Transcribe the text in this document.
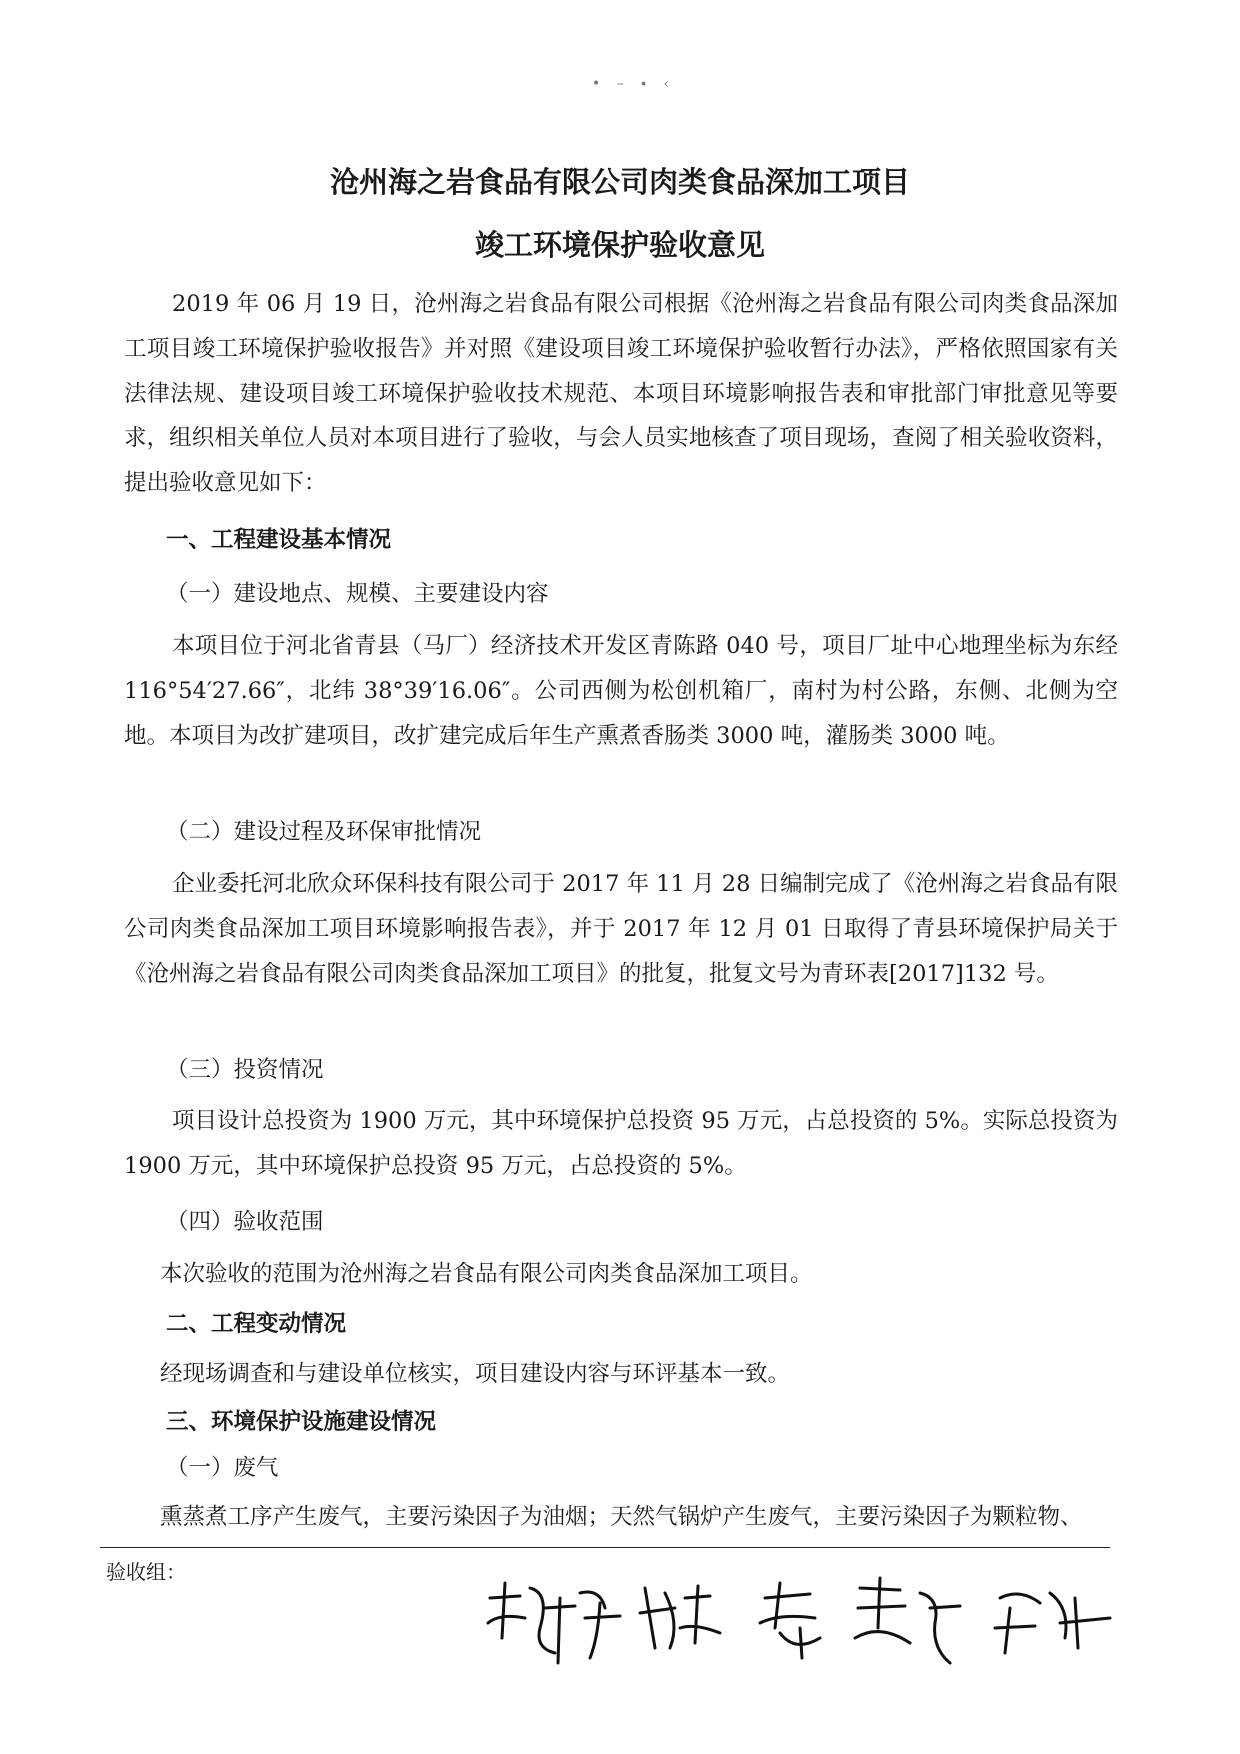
• – ∙ ‹
沧州海之岩食品有限公司肉类食品深加工项目
竣工环境保护验收意见

2019 年 06 月 19 日，沧州海之岩食品有限公司根据《沧州海之岩食品有限公司肉类食品深加工项目竣工环境保护验收报告》并对照《建设项目竣工环境保护验收暂行办法》，严格依照国家有关法律法规、建设项目竣工环境保护验收技术规范、本项目环境影响报告表和审批部门审批意见等要求，组织相关单位人员对本项目进行了验收，与会人员实地核查了项目现场，查阅了相关验收资料，提出验收意见如下：

一、工程建设基本情况

（一）建设地点、规模、主要建设内容

本项目位于河北省青县（马厂）经济技术开发区青陈路 040 号，项目厂址中心地理坐标为东经 116°54′27.66″，北纬 38°39′16.06″。公司西侧为松创机箱厂，南村为村公路，东侧、北侧为空地。本项目为改扩建项目，改扩建完成后年生产熏煮香肠类 3000 吨，灌肠类 3000 吨。

（二）建设过程及环保审批情况

企业委托河北欣众环保科技有限公司于 2017 年 11 月 28 日编制完成了《沧州海之岩食品有限公司肉类食品深加工项目环境影响报告表》，并于 2017 年 12 月 01 日取得了青县环境保护局关于《沧州海之岩食品有限公司肉类食品深加工项目》的批复，批复文号为青环表[2017]132 号。

（三）投资情况

项目设计总投资为 1900 万元，其中环境保护总投资 95 万元，占总投资的 5%。实际总投资为 1900 万元，其中环境保护总投资 95 万元，占总投资的 5%。

（四）验收范围

本次验收的范围为沧州海之岩食品有限公司肉类食品深加工项目。

二、工程变动情况

经现场调查和与建设单位核实，项目建设内容与环评基本一致。

三、环境保护设施建设情况

（一）废气

熏蒸煮工序产生废气，主要污染因子为油烟；天然气锅炉产生废气，主要污染因子为颗粒物、

验收组：
